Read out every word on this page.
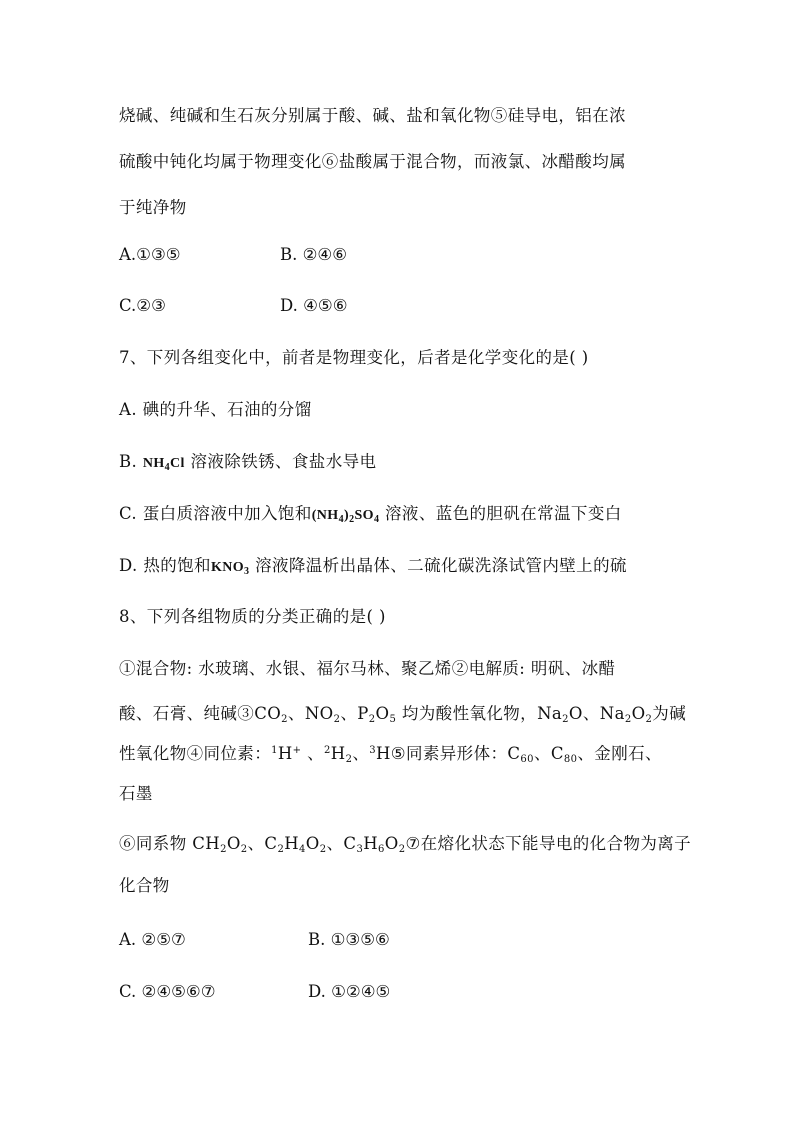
烧碱、纯碱和生石灰分别属于酸、碱、盐和氧化物⑤硅导电，铝在浓
硫酸中钝化均属于物理变化⑥盐酸属于混合物，而液氯、冰醋酸均属
于纯净物
A.①③⑤	B. ②④⑥
C.②③	D. ④⑤⑥
7、下列各组变化中，前者是物理变化，后者是化学变化的是( )
A. 碘的升华、石油的分馏
B. $NH_4Cl$ 溶液除铁锈、食盐水导电
C. 蛋白质溶液中加入饱和$(NH_4)_2SO_4$ 溶液、蓝色的胆矾在常温下变白
D. 热的饱和$KNO_3$ 溶液降温析出晶体、二硫化碳洗涤试管内壁上的硫
8、下列各组物质的分类正确的是( )
①混合物: 水玻璃、水银、福尔马林、聚乙烯②电解质: 明矾、冰醋
酸、石膏、纯碱$③CO_2$、$NO_2$、$P_2O_5$ 均为酸性氧化物，$Na_2O$、$Na_2O_2$为碱
性氧化物④同位素：$^1$H+ 、$^2H_2$、$^3$H⑤同素异形体：$C_{60}$、$C_{80}$、金刚石、
石墨
⑥同系物 $CH_2O_2$、$C_2H_4O_2$、$C_3H_6O_2⑦$在熔化状态下能导电的化合物为离子
化合物
A. ②⑤⑦	B. ①③⑤⑥
C. ②④⑤⑥⑦	D. ①②④⑤
